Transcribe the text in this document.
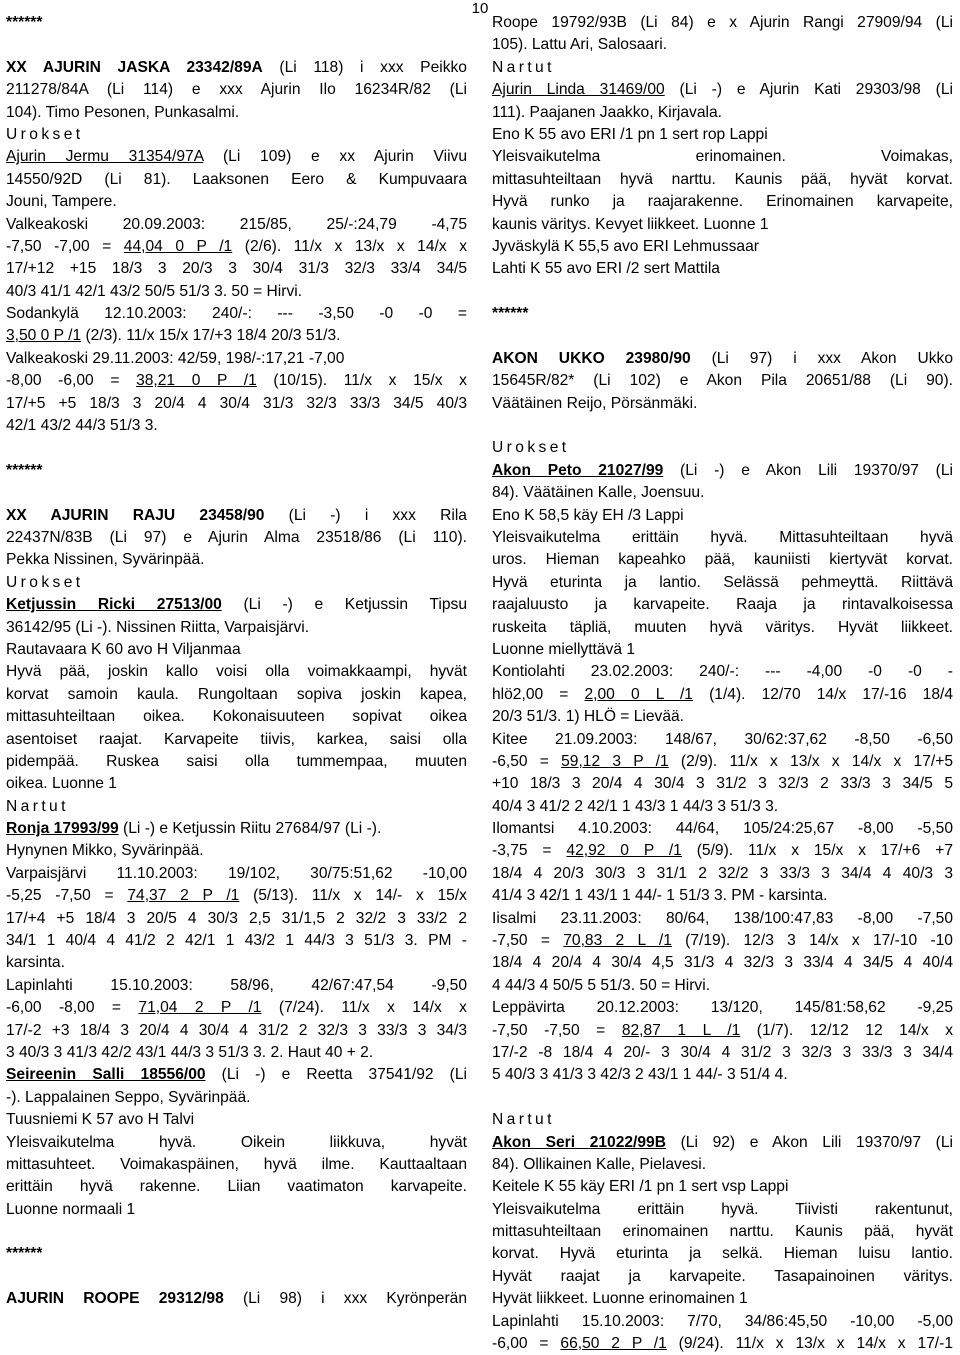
10
******
XX AJURIN JASKA 23342/89A (Li 118) i xxx Peikko
211278/84A (Li 114) e xxx Ajurin Ilo 16234R/82 (Li
104). Timo Pesonen, Punkasalmi.
Urokset
Ajurin Jermu 31354/97A (Li 109) e xx Ajurin Viivu
14550/92D (Li 81). Laaksonen Eero & Kumpuvaara
Jouni, Tampere.
Valkeakoski 20.09.2003: 215/85, 25/-:24,79 -4,75
-7,50 -7,00 = 44,04 0 P /1 (2/6). 11/x x 13/x x 14/x x
17/+12 +15 18/3 3 20/3 3 30/4 31/3 32/3 33/4 34/5
40/3 41/1 42/1 43/2 50/5 51/3 3. 50 = Hirvi.
Sodankylä 12.10.2003: 240/-: --- -3,50 -0 -0 =
3,50 0 P /1 (2/3). 11/x 15/x 17/+3 18/4 20/3 51/3.
Valkeakoski 29.11.2003: 42/59, 198/-:17,21 -7,00
-8,00 -6,00 = 38,21 0 P /1 (10/15). 11/x x 15/x x
17/+5 +5 18/3 3 20/4 4 30/4 31/3 32/3 33/3 34/5 40/3
42/1 43/2 44/3 51/3 3.
******
XX AJURIN RAJU 23458/90 (Li -) i xxx Rila
22437N/83B (Li 97) e Ajurin Alma 23518/86 (Li 110).
Pekka Nissinen, Syvärinpää.
Urokset
Ketjussin Ricki 27513/00 (Li -) e Ketjussin Tipsu
36142/95 (Li -). Nissinen Riitta, Varpaisjärvi.
Rautavaara K 60 avo H Viljanmaa
Hyvä pää, joskin kallo voisi olla voimakkaampi, hyvät
korvat samoin kaula. Rungoltaan sopiva joskin kapea,
mittasuhteiltaan oikea. Kokonaisuuteen sopivat oikea
asentoiset raajat. Karvapeite tiivis, karkea, saisi olla
pidempää. Ruskea saisi olla tummempaa, muuten
oikea. Luonne 1
Nartut
Ronja 17993/99 (Li -) e Ketjussin Riitu 27684/97 (Li -).
Hynynen Mikko, Syvärinpää.
Varpaisjärvi 11.10.2003: 19/102, 30/75:51,62 -10,00
-5,25 -7,50 = 74,37 2 P /1 (5/13). 11/x x 14/- x 15/x
17/+4 +5 18/4 3 20/5 4 30/3 2,5 31/1,5 2 32/2 3 33/2 2
34/1 1 40/4 4 41/2 2 42/1 1 43/2 1 44/3 3 51/3 3. PM -
karsinta.
Lapinlahti 15.10.2003: 58/96, 42/67:47,54 -9,50
-6,00 -8,00 = 71,04 2 P /1 (7/24). 11/x x 14/x x
17/-2 +3 18/4 3 20/4 4 30/4 4 31/2 2 32/3 3 33/3 3 34/3
3 40/3 3 41/3 42/2 43/1 44/3 3 51/3 3. 2. Haut 40 + 2.
Seireenin Salli 18556/00 (Li -) e Reetta 37541/92 (Li
-). Lappalainen Seppo, Syvärinpää.
Tuusniemi K 57 avo H Talvi
Yleisvaikutelma hyvä. Oikein liikkuva, hyvät
mittasuhteet. Voimakaspäinen, hyvä ilme. Kauttaaltaan
erittäin hyvä rakenne. Liian vaatimaton karvapeite.
Luonne normaali 1
******
AJURIN ROOPE 29312/98 (Li 98) i xxx Kyrönperän
Roope 19792/93B (Li 84) e x Ajurin Rangi 27909/94 (Li
105). Lattu Ari, Salosaari.
Nartut
Ajurin Linda 31469/00 (Li -) e Ajurin Kati 29303/98 (Li
111). Paajanen Jaakko, Kirjavala.
Eno K 55 avo ERI /1 pn 1 sert rop Lappi
Yleisvaikutelma erinomainen. Voimakas,
mittasuhteiltaan hyvä narttu. Kaunis pää, hyvät korvat.
Hyvä runko ja raajarakenne. Erinomainen karvapeite,
kaunis väritys. Kevyet liikkeet. Luonne 1
Jyväskylä K 55,5 avo ERI Lehmussaar
Lahti K 55 avo ERI /2 sert Mattila
******
AKON UKKO 23980/90 (Li 97) i xxx Akon Ukko
15645R/82* (Li 102) e Akon Pila 20651/88 (Li 90).
Väätäinen Reijo, Pörsänmäki.
Urokset
Akon Peto 21027/99 (Li -) e Akon Lili 19370/97 (Li
84). Väätäinen Kalle, Joensuu.
Eno K 58,5 käy EH /3 Lappi
Yleisvaikutelma erittäin hyvä. Mittasuhteiltaan hyvä
uros. Hieman kapeahko pää, kauniisti kiertyvät korvat.
Hyvä eturinta ja lantio. Selässä pehmeyttä. Riittävä
raajaluusto ja karvapeite. Raaja ja rintavalkoisessa
ruskeita täpliä, muuten hyvä väritys. Hyvät liikkeet.
Luonne miellyttävä 1
Kontiolahti 23.02.2003: 240/-: --- -4,00 -0 -0 -
hlö2,00 = 2,00 0 L /1 (1/4). 12/70 14/x 17/-16 18/4
20/3 51/3. 1) HLÖ = Lievää.
Kitee 21.09.2003: 148/67, 30/62:37,62 -8,50 -6,50
-6,50 = 59,12 3 P /1 (2/9). 11/x x 13/x x 14/x x 17/+5
+10 18/3 3 20/4 4 30/4 3 31/2 3 32/3 2 33/3 3 34/5 5
40/4 3 41/2 2 42/1 1 43/3 1 44/3 3 51/3 3.
Ilomantsi 4.10.2003: 44/64, 105/24:25,67 -8,00 -5,50
-3,75 = 42,92 0 P /1 (5/9). 11/x x 15/x x 17/+6 +7
18/4 4 20/3 30/3 3 31/1 2 32/2 3 33/3 3 34/4 4 40/3 3
41/4 3 42/1 1 43/1 1 44/- 1 51/3 3. PM - karsinta.
Iisalmi 23.11.2003: 80/64, 138/100:47,83 -8,00 -7,50
-7,50 = 70,83 2 L /1 (7/19). 12/3 3 14/x x 17/-10 -10
18/4 4 20/4 4 30/4 4,5 31/3 4 32/3 3 33/4 4 34/5 4 40/4
4 44/3 4 50/5 5 51/3. 50 = Hirvi.
Leppävirta 20.12.2003: 13/120, 145/81:58,62 -9,25
-7,50 -7,50 = 82,87 1 L /1 (1/7). 12/12 12 14/x x
17/-2 -8 18/4 4 20/- 3 30/4 4 31/2 3 32/3 3 33/3 3 34/4
5 40/3 3 41/3 3 42/3 2 43/1 1 44/- 3 51/4 4.
Nartut
Akon Seri 21022/99B (Li 92) e Akon Lili 19370/97 (Li
84). Ollikainen Kalle, Pielavesi.
Keitele K 55 käy ERI /1 pn 1 sert vsp Lappi
Yleisvaikutelma erittäin hyvä. Tiivisti rakentunut,
mittasuhteiltaan erinomainen narttu. Kaunis pää, hyvät
korvat. Hyvä eturinta ja selkä. Hieman luisu lantio.
Hyvät raajat ja karvapeite. Tasapainoinen väritys.
Hyvät liikkeet. Luonne erinomainen 1
Lapinlahti 15.10.2003: 7/70, 34/86:45,50 -10,00 -5,00
-6,00 = 66,50 2 P /1 (9/24). 11/x x 13/x x 14/x x 17/-1
